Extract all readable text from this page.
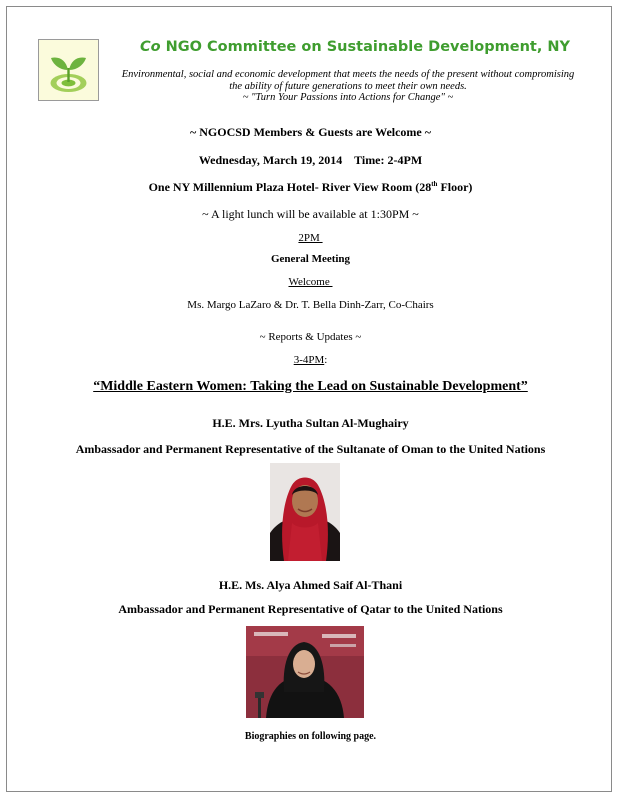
Co NGO Committee on Sustainable Development, NY
Environmental, social and economic development that meets the needs of the present without compromising
the ability of future generations to meet their own needs.
~ "Turn Your Passions into Actions for Change" ~
~ NGOCSD Members & Guests are Welcome ~
Wednesday, March 19, 2014    Time: 2-4PM
One NY Millennium Plaza Hotel- River View Room (28th Floor)
~ A light lunch will be available at 1:30PM ~
2PM
General Meeting
Welcome
Ms. Margo LaZaro & Dr. T. Bella Dinh-Zarr, Co-Chairs
~ Reports & Updates ~
3-4PM:
“Middle Eastern Women: Taking the Lead on Sustainable Development”
H.E. Mrs. Lyutha Sultan Al-Mughairy
Ambassador and Permanent Representative of the Sultanate of Oman to the United Nations
H.E. Ms. Alya Ahmed Saif Al-Thani
Ambassador and Permanent Representative of Qatar to the United Nations
Biographies on following page.
